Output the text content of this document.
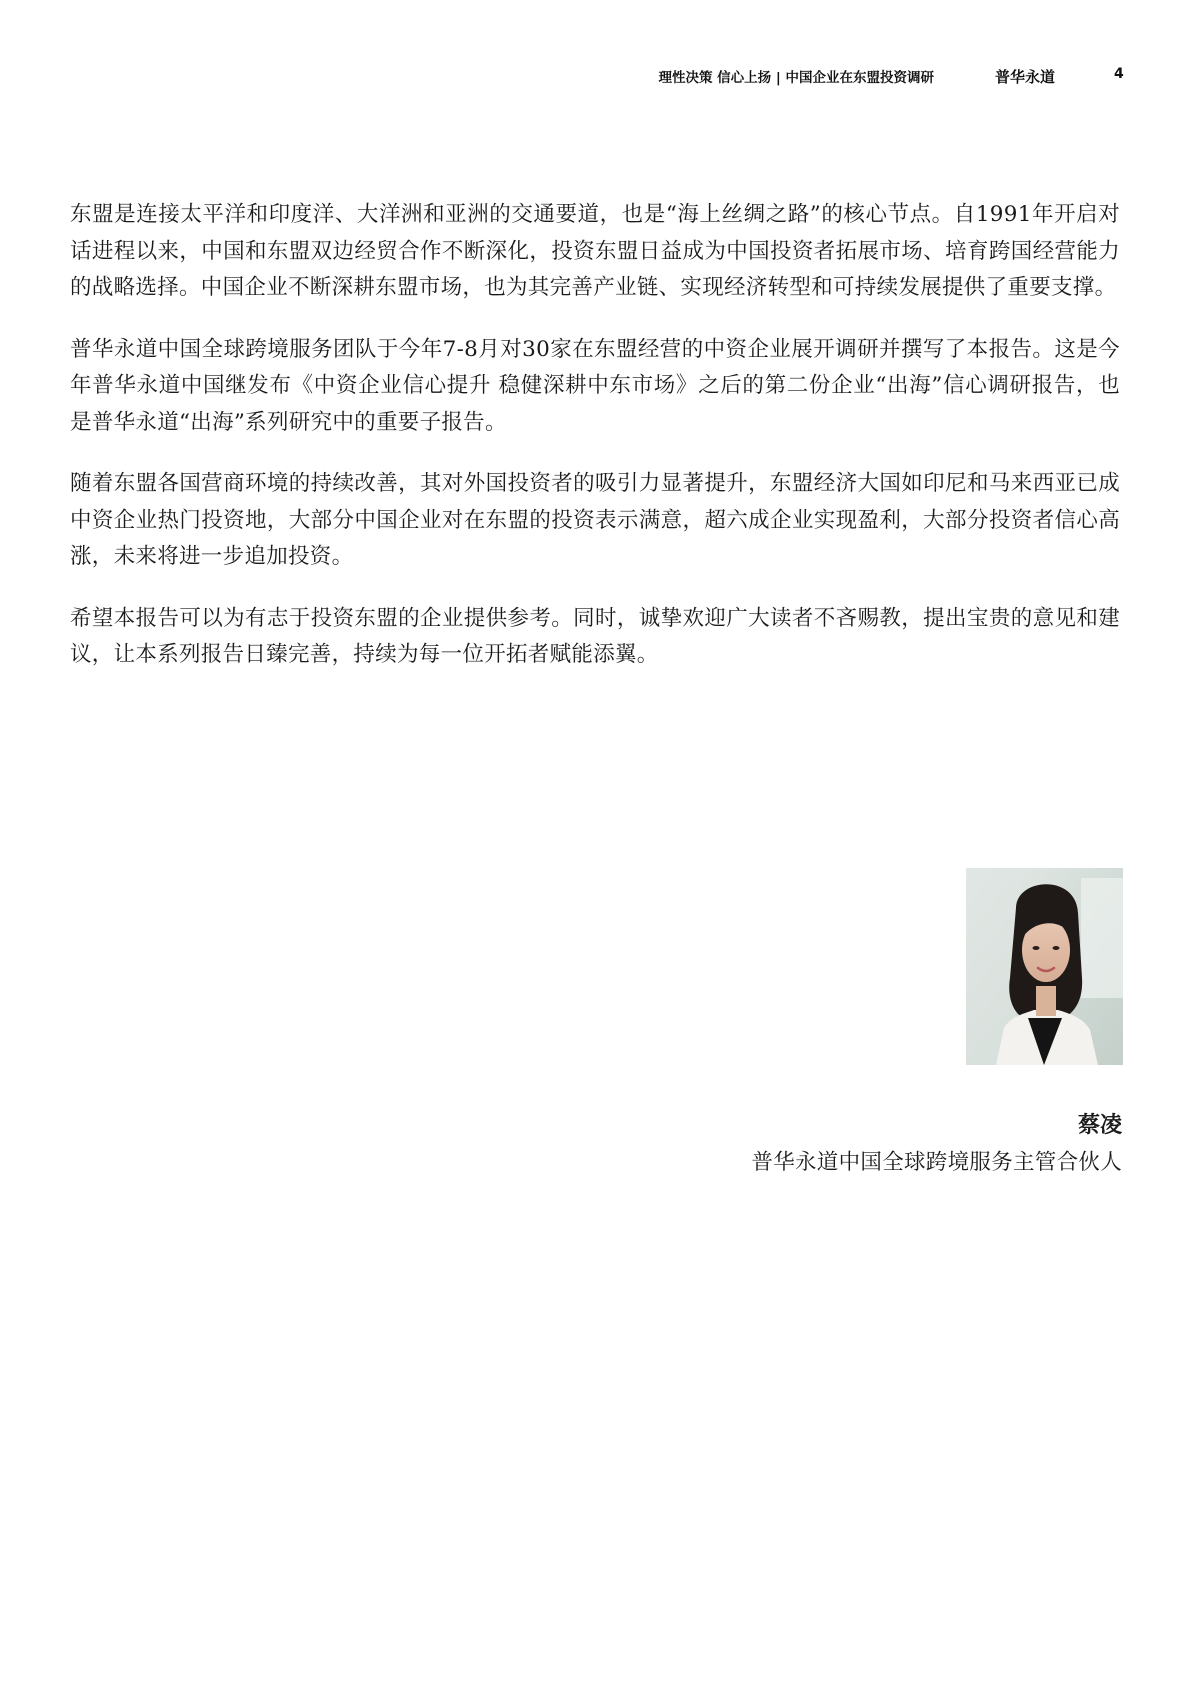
理性决策 信心上扬 | 中国企业在东盟投资调研	普华永道	4

东盟是连接太平洋和印度洋、大洋洲和亚洲的交通要道，也是“海上丝绸之路”的核心节点。自1991年开启对话进程以来，中国和东盟双边经贸合作不断深化，投资东盟日益成为中国投资者拓展市场、培育跨国经营能力的战略选择。中国企业不断深耕东盟市场，也为其完善产业链、实现经济转型和可持续发展提供了重要支撑。

普华永道中国全球跨境服务团队于今年7-8月对30家在东盟经营的中资企业展开调研并撰写了本报告。这是今年普华永道中国继发布《中资企业信心提升 稳健深耕中东市场》之后的第二份企业“出海”信心调研报告，也是普华永道“出海”系列研究中的重要子报告。

随着东盟各国营商环境的持续改善，其对外国投资者的吸引力显著提升，东盟经济大国如印尼和马来西亚已成中资企业热门投资地，大部分中国企业对在东盟的投资表示满意，超六成企业实现盈利，大部分投资者信心高涨，未来将进一步追加投资。

希望本报告可以为有志于投资东盟的企业提供参考。同时，诚挚欢迎广大读者不吝赐教，提出宝贵的意见和建议，让本系列报告日臻完善，持续为每一位开拓者赋能添翼。

蔡凌
普华永道中国全球跨境服务主管合伙人
